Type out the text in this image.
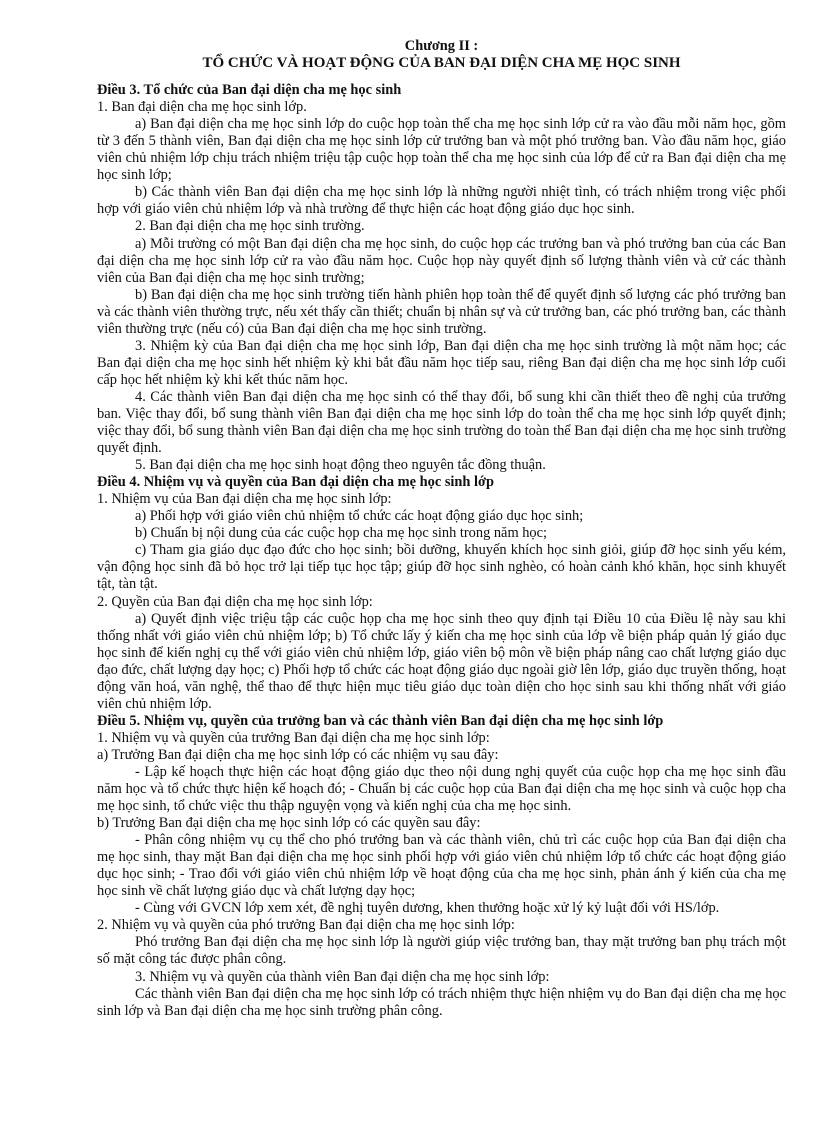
Chương II :

TỔ CHỨC VÀ HOẠT ĐỘNG CỦA BAN ĐẠI DIỆN CHA MẸ HỌC SINH

Điều 3. Tổ chức của Ban đại diện cha mẹ học sinh

1. Ban đại diện cha mẹ học sinh lớp.

a) Ban đại diện cha mẹ học sinh lớp do cuộc họp toàn thể cha mẹ học sinh lớp cử ra vào đầu mỗi năm học, gồm từ 3 đến 5 thành viên, Ban đại diện cha mẹ học sinh lớp cử trưởng ban và một phó trưởng ban. Vào đầu năm học, giáo viên chủ nhiệm lớp chịu trách nhiệm triệu tập cuộc họp toàn thể cha mẹ học sinh của lớp để cử ra Ban đại diện cha mẹ học sinh lớp;

b) Các thành viên Ban đại diện cha mẹ học sinh lớp là những người nhiệt tình, có trách nhiệm trong việc phối hợp với giáo viên chủ nhiệm lớp và nhà trường để thực hiện các hoạt động giáo dục học sinh.

2. Ban đại diện cha mẹ học sinh trường.

a) Mỗi trường có một Ban đại diện cha mẹ học sinh, do cuộc họp các trưởng ban và phó trưởng ban của các Ban đại diện cha mẹ học sinh lớp cử ra vào đầu năm học. Cuộc họp này quyết định số lượng thành viên và cử các thành viên của Ban đại diện cha mẹ học sinh trường;

b) Ban đại diện cha mẹ học sinh trường tiến hành phiên họp toàn thể để quyết định số lượng các phó trưởng ban và các thành viên thường trực, nếu xét thấy cần thiết; chuẩn bị nhân sự và cử trưởng ban, các phó trưởng ban, các thành viên thường trực (nếu có) của Ban đại diện cha mẹ học sinh trường.

3. Nhiệm kỳ của Ban đại diện cha mẹ học sinh lớp, Ban đại diện cha mẹ học sinh trường là một năm học; các Ban đại diện cha mẹ học sinh hết nhiệm kỳ khi bắt đầu năm học tiếp sau, riêng Ban đại diện cha mẹ học sinh lớp cuối cấp học hết nhiệm kỳ khi kết thúc năm học.

4. Các thành viên Ban đại diện cha mẹ học sinh có thể thay đổi, bổ sung khi cần thiết theo đề nghị của trưởng ban. Việc thay đổi, bổ sung thành viên Ban đại diện cha mẹ học sinh lớp do toàn thể cha mẹ học sinh lớp quyết định; việc thay đổi, bổ sung thành viên Ban đại diện cha mẹ học sinh trường do toàn thể Ban đại diện cha mẹ học sinh trường quyết định.

5. Ban đại diện cha mẹ học sinh hoạt động theo nguyên tắc đồng thuận.

Điều 4. Nhiệm vụ và quyền của Ban đại diện cha mẹ học sinh lớp

1. Nhiệm vụ của Ban đại diện cha mẹ học sinh lớp:

a) Phối hợp với giáo viên chủ nhiệm tổ chức các hoạt động giáo dục học sinh;

b) Chuẩn bị nội dung của các cuộc họp cha mẹ học sinh trong năm học;

c) Tham gia giáo dục đạo đức cho học sinh; bồi dưỡng, khuyến khích học sinh giỏi, giúp đỡ học sinh yếu kém, vận động học sinh đã bỏ học trở lại tiếp tục học tập; giúp đỡ học sinh nghèo, có hoàn cảnh khó khăn, học sinh khuyết tật, tàn tật.

2. Quyền của Ban đại diện cha mẹ học sinh lớp:

a) Quyết định việc triệu tập các cuộc họp cha mẹ học sinh theo quy định tại Điều 10 của Điều lệ này sau khi thống nhất với giáo viên chủ nhiệm lớp; b) Tổ chức lấy ý kiến cha mẹ học sinh của lớp về biện pháp quản lý giáo dục học sinh để kiến nghị cụ thể với giáo viên chủ nhiệm lớp, giáo viên bộ môn về biện pháp nâng cao chất lượng giáo dục đạo đức, chất lượng dạy học; c) Phối hợp tổ chức các hoạt động giáo dục ngoài giờ lên lớp, giáo dục truyền thống, hoạt động văn hoá, văn nghệ, thể thao để thực hiện mục tiêu giáo dục toàn diện cho học sinh sau khi thống nhất với giáo viên chủ nhiệm lớp.

Điều 5. Nhiệm vụ, quyền của trưởng ban và các thành viên Ban đại diện cha mẹ học sinh lớp

1. Nhiệm vụ và quyền của trưởng Ban đại diện cha mẹ học sinh lớp:

a) Trưởng Ban đại diện cha mẹ học sinh lớp có các nhiệm vụ sau đây:

- Lập kế hoạch thực hiện các hoạt động giáo dục theo nội dung nghị quyết của cuộc họp cha mẹ học sinh đầu năm học và tổ chức thực hiện kế hoạch đó; - Chuẩn bị các cuộc họp của Ban đại diện cha mẹ học sinh và cuộc họp cha mẹ học sinh, tổ chức việc thu thập nguyện vọng và kiến nghị của cha mẹ học sinh.

b) Trưởng Ban đại diện cha mẹ học sinh lớp có các quyền sau đây:

- Phân công nhiệm vụ cụ thể cho phó trưởng ban và các thành viên, chủ trì các cuộc họp của Ban đại diện cha mẹ học sinh, thay mặt Ban đại diện cha mẹ học sinh phối hợp với giáo viên chủ nhiệm lớp tổ chức các hoạt động giáo dục học sinh; - Trao đổi với giáo viên chủ nhiệm lớp về hoạt động của cha mẹ học sinh, phản ánh ý kiến của cha mẹ học sinh về chất lượng giáo dục và chất lượng dạy học;

- Cùng với GVCN lớp xem xét, đề nghị tuyên dương, khen thưởng hoặc xử lý kỷ luật đối với HS/lớp.

2. Nhiệm vụ và quyền của phó trưởng Ban đại diện cha mẹ học sinh lớp:

Phó trưởng Ban đại diện cha mẹ học sinh lớp là người giúp việc trưởng ban, thay mặt trưởng ban phụ trách một số mặt công tác được phân công.

3. Nhiệm vụ và quyền của thành viên Ban đại diện cha mẹ học sinh lớp:

Các thành viên Ban đại diện cha mẹ học sinh lớp có trách nhiệm thực hiện nhiệm vụ do Ban đại diện cha mẹ học sinh lớp và Ban đại diện cha mẹ học sinh trường phân công.
